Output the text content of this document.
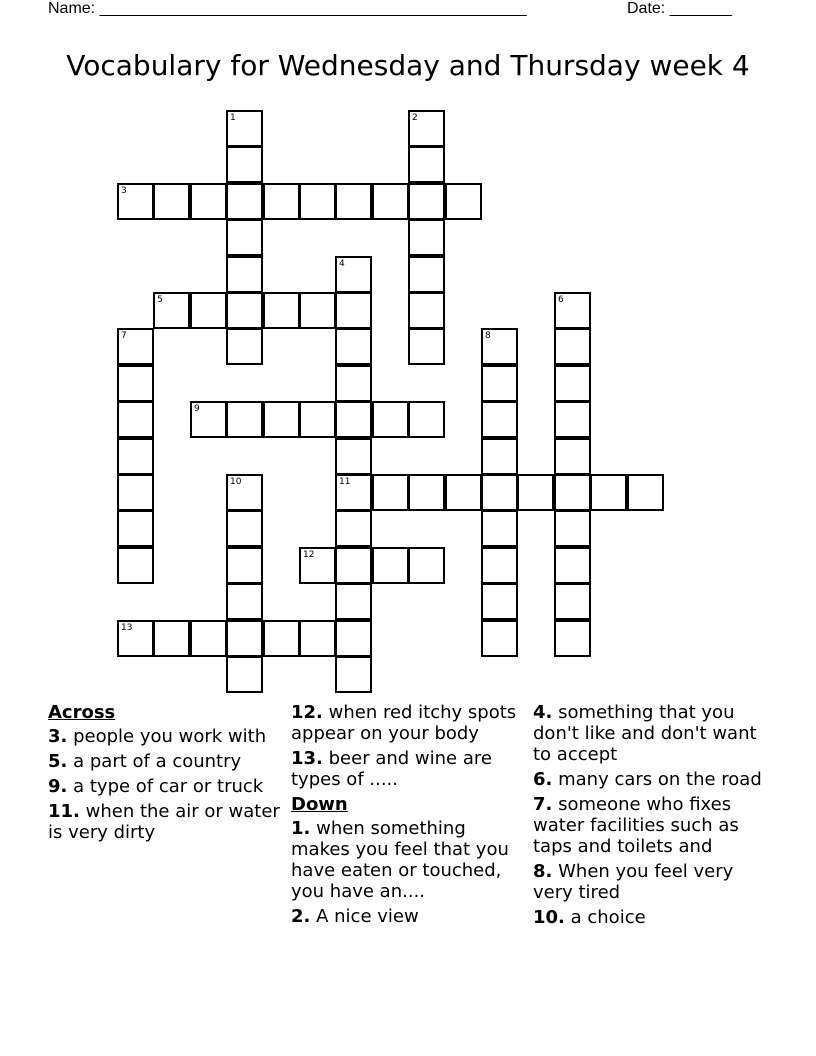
Name: ________________________________________________	Date: _______
Vocabulary for Wednesday and Thursday week 4
1	2
3
4
11
5	6
7	8
9
10
12
13
Across
3. people you work with
5. a part of a country
9. a type of car or truck
11. when the air or water is very dirty
12. when red itchy spots appear on your body
13. beer and wine are types of .....
Down
1. when something makes you feel that you have eaten or touched, you have an....
2. A nice view
4. something that you don't like and don't want to accept
6. many cars on the road
7. someone who fixes water facilities such as taps and toilets and
8. When you feel very very tired
10. a choice
